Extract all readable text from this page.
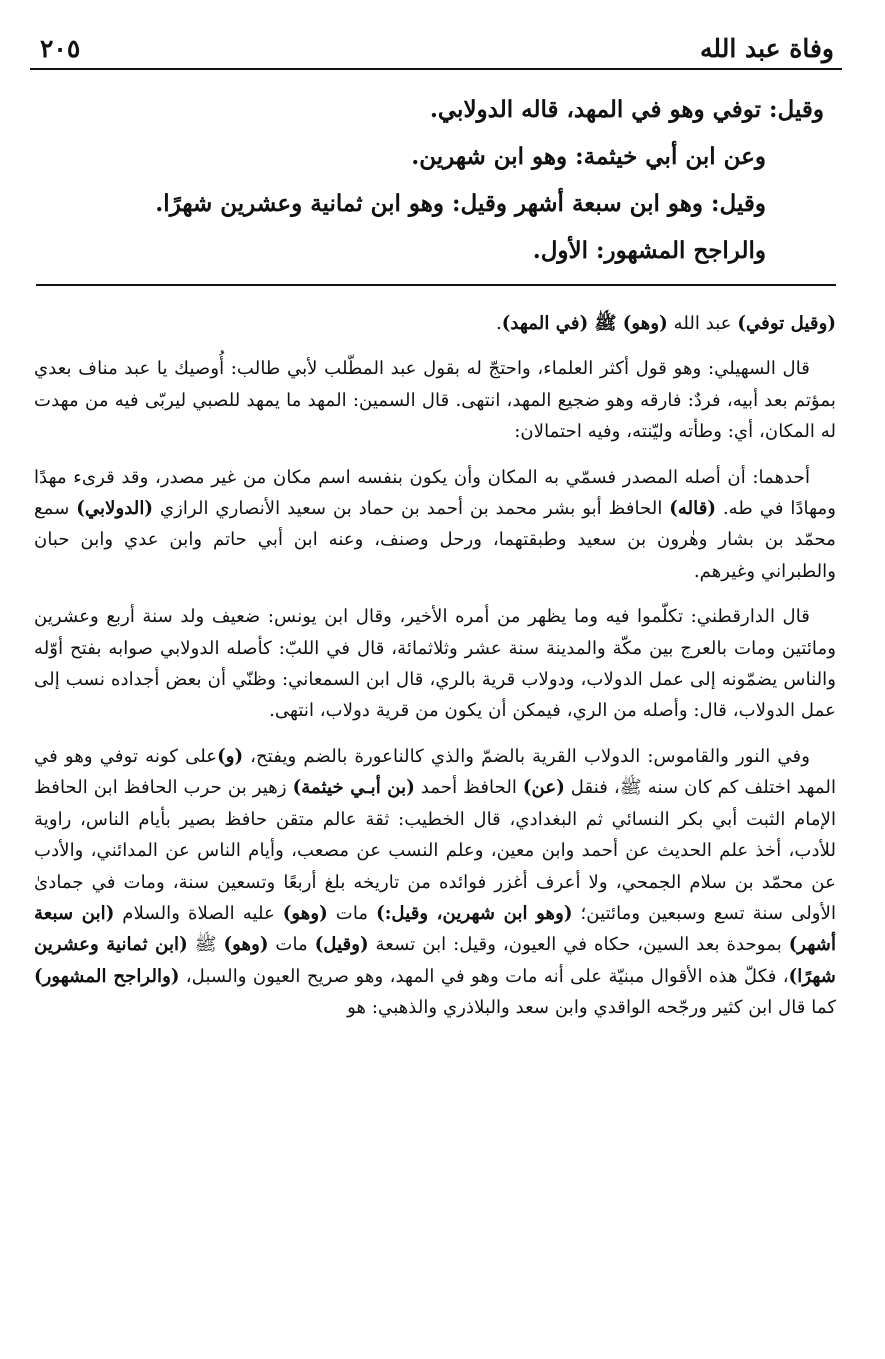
وفاة عبد الله
٢٠٥

وقيل: توفي وهو في المهد، قاله الدولابي.

وعن ابن أبي خيثمة: وهو ابن شهرين.

وقيل: وهو ابن سبعة أشهر وقيل: وهو ابن ثمانية وعشرين شهرًا.

والراجح المشهور: الأول.

(وقيل توفي) عبد الله (وهو) ﷺ (في المهد).

قال السهيلي: وهو قول أكثر العلماء، واحتجّ له بقول عبد المطّلب لأبي طالب: أُوصيك يا عبد مناف بعدي بمؤتم بعد أبيه، فردٌ: فارقه وهو ضجيع المهد، انتهى. قال السمين: المهد ما يمهد للصبي ليربّى فيه من مهدت له المكان، أي: وطأته وليّنته، وفيه احتمالان:

أحدهما: أن أصله المصدر فسمّي به المكان وأن يكون بنفسه اسم مكان من غير مصدر، وقد قرىء مهدًا ومهادًا في طه. (قاله) الحافظ أبو بشر محمد بن أحمد بن حماد بن سعيد الأنصاري الرازي (الدولابي) سمع محمّد بن بشار وهٰرون بن سعيد وطبقتهما، ورحل وصنف، وعنه ابن أبي حاتم وابن عدي وابن حبان والطبراني وغيرهم.

قال الدارقطني: تكلّموا فيه وما يظهر من أمره الأخير، وقال ابن يونس: ضعيف ولد سنة أربع وعشرين ومائتين ومات بالعرج بين مكّة والمدينة سنة عشر وثلاثمائة، قال في اللبّ: كأصله الدولابي صوابه بفتح أوّله والناس يضمّونه إلى عمل الدولاب، ودولاب قرية بالري، قال ابن السمعاني: وظنّي أن بعض أجداده نسب إلى عمل الدولاب، قال: وأصله من الري، فيمكن أن يكون من قرية دولاب، انتهى.

وفي النور والقاموس: الدولاب القرية بالضمّ والذي كالناعورة بالضم ويفتح، (و)على كونه توفي وهو في المهد اختلف كم كان سنه ﷺ، فنقل (عن) الحافظ أحمد (بن أبـي خيثمة) زهير بن حرب الحافظ ابن الحافظ الإمام الثبت أبي بكر النسائي ثم البغدادي، قال الخطيب: ثقة عالم متقن حافظ بصير بأيام الناس، راوية للأدب، أخذ علم الحديث عن أحمد وابن معين، وعلم النسب عن مصعب، وأيام الناس عن المدائني، والأدب عن محمّد بن سلام الجمحي، ولا أعرف أغزر فوائده من تاريخه بلغ أربعًا وتسعين سنة، ومات في جمادىٰ الأولى سنة تسع وسبعين ومائتين؛ (وهو ابن شهرين، وقيل:) مات (وهو) عليه الصلاة والسلام (ابن سبعة أشهر) بموحدة بعد السين، حكاه في العيون، وقيل: ابن تسعة (وقيل) مات (وهو) ﷺ (ابن ثمانية وعشرين شهرًا)، فكلّ هذه الأقوال مبنيّة على أنه مات وهو في المهد، وهو صريح العيون والسبل، (والراجح المشهور) كما قال ابن كثير ورجّحه الواقدي وابن سعد والبلاذري والذهبي: هو
